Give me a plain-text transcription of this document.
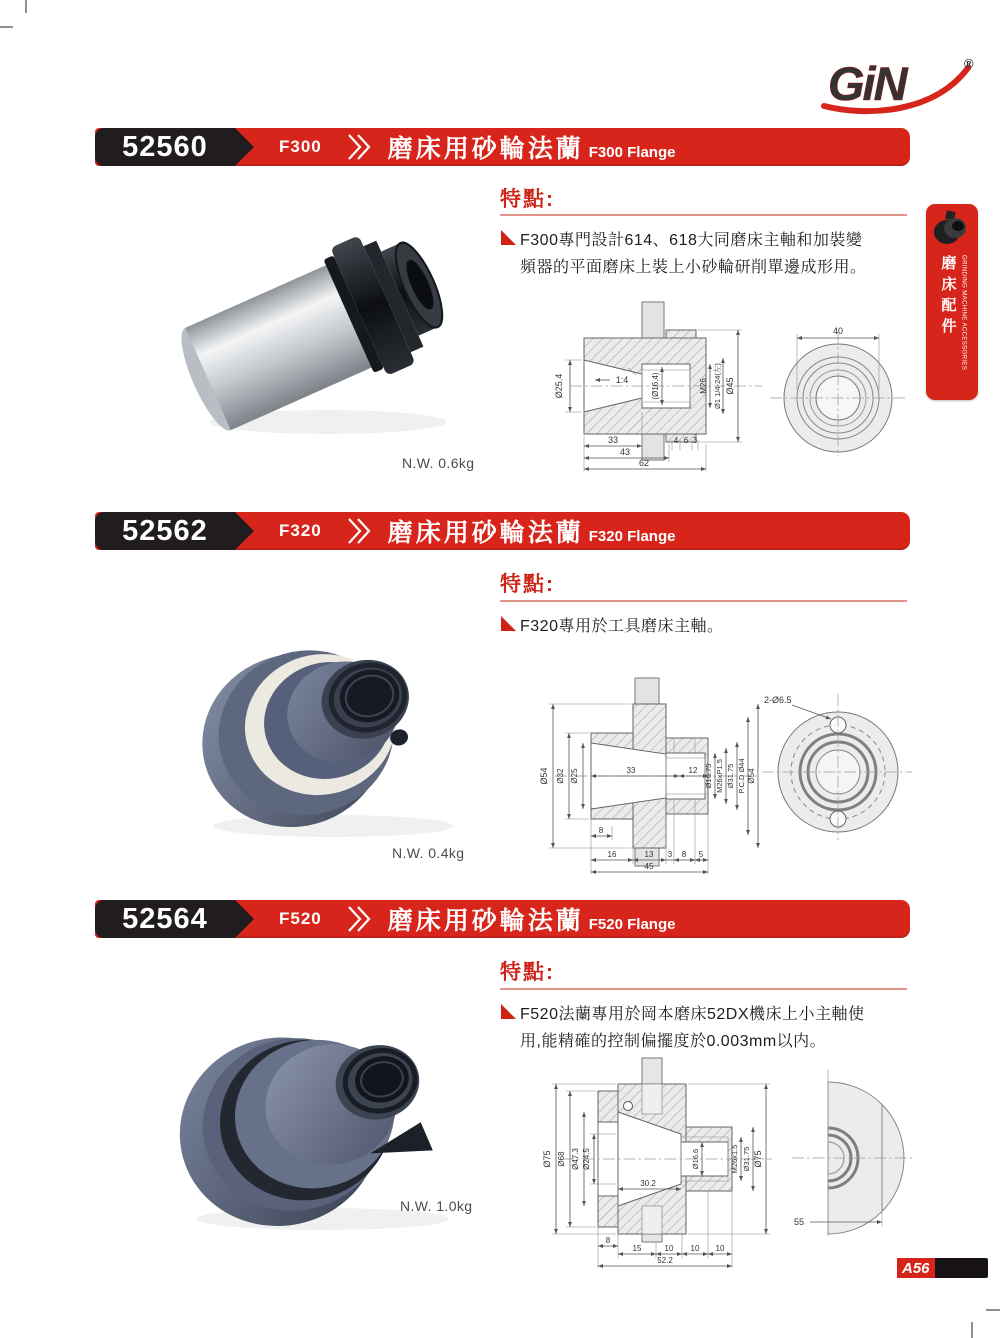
GiN	®
磨床配件 GRINDING MACHINE ACCESSORIES
52560	F300	磨床用砂輪法蘭 F300 Flange
特點:
F300專門設計614、618大同磨床主軸和加裝變
頻器的平面磨床上裝上小砂輪研削單邊成形用。
N.W. 0.6kg
Ø25.4	1:4	(Ø16.4)	M26 Ø1 1/4-24(左) Ø45
33	4 6 3
43
62
40
52562	F320	磨床用砂輪法蘭 F320 Flange
特點:
F320專用於工具磨床主軸。
N.W. 0.4kg
Ø54 Ø32 Ø25	33	12 Ø16.75 M26xP1.5 Ø31.75 P.C.D Ø44 Ø54
8
16	13 3 8 5
45
2-Ø6.5
52564	F520	磨床用砂輪法蘭 F520 Flange
特點:
F520法蘭專用於岡本磨床52DX機床上小主軸使
用,能精確的控制偏擺度於0.003mm以内。
N.W. 1.0kg
Ø75 Ø68 Ø47.3 Ø24.5
30.2
Ø16.6	M26x1.5 Ø31.75 Ø75
8
15	10 10 10
52.2
55
A56
